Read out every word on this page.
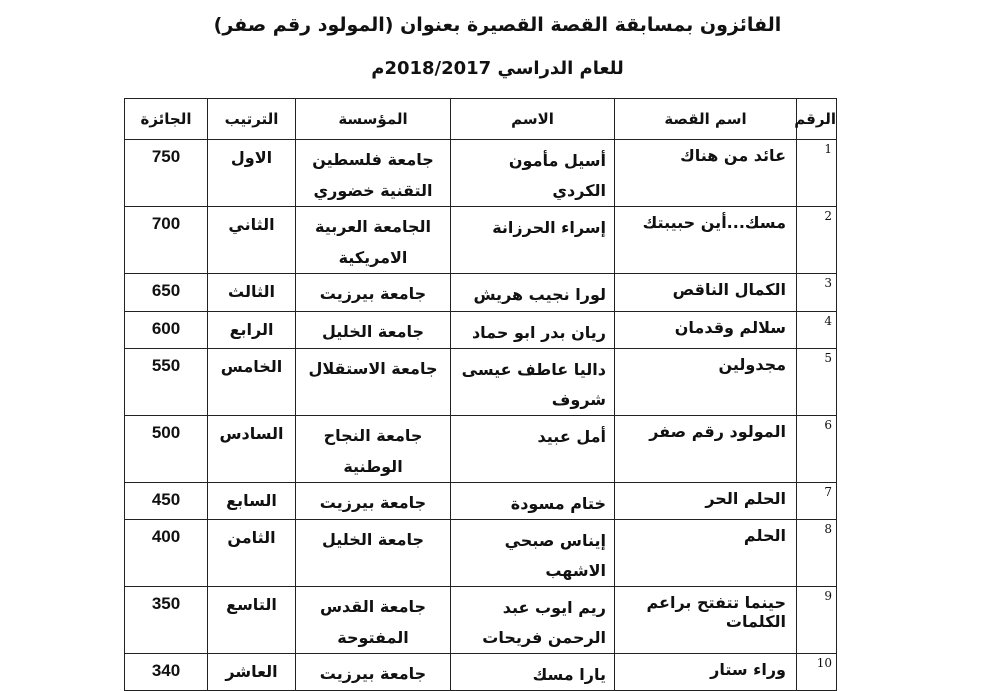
الفائزون بمسابقة القصة القصيرة بعنوان (المولود رقم صفر)
للعام الدراسي 2018/2017م
الرقم	اسم القصة	الاسم	المؤسسة	الترتيب	الجائزة
1	عائد من هناك	أسيل مأمون الكردي	جامعة فلسطين التقنية خضوري	الاول	750
2	مسك...أين حبيبتك	إسراء الحرزانة	الجامعة العربية الامريكية	الثاني	700
3	الكمال الناقص	لورا نجيب هريش	جامعة بيرزيت	الثالث	650
4	سلالم وقدمان	ريان بدر ابو حماد	جامعة الخليل	الرابع	600
5	مجدولين	داليا عاطف عيسى شروف	جامعة الاستقلال	الخامس	550
6	المولود رقم صفر	أمل عبيد	جامعة النجاح الوطنية	السادس	500
7	الحلم الحر	ختام مسودة	جامعة بيرزيت	السابع	450
8	الحلم	إيناس صبحي الاشهب	جامعة الخليل	الثامن	400
9	حينما تتفتح براعم الكلمات	ريم ايوب عبد الرحمن فريحات	جامعة القدس المفتوحة	التاسع	350
10	وراء ستار	يارا مسك	جامعة بيرزيت	العاشر	340
